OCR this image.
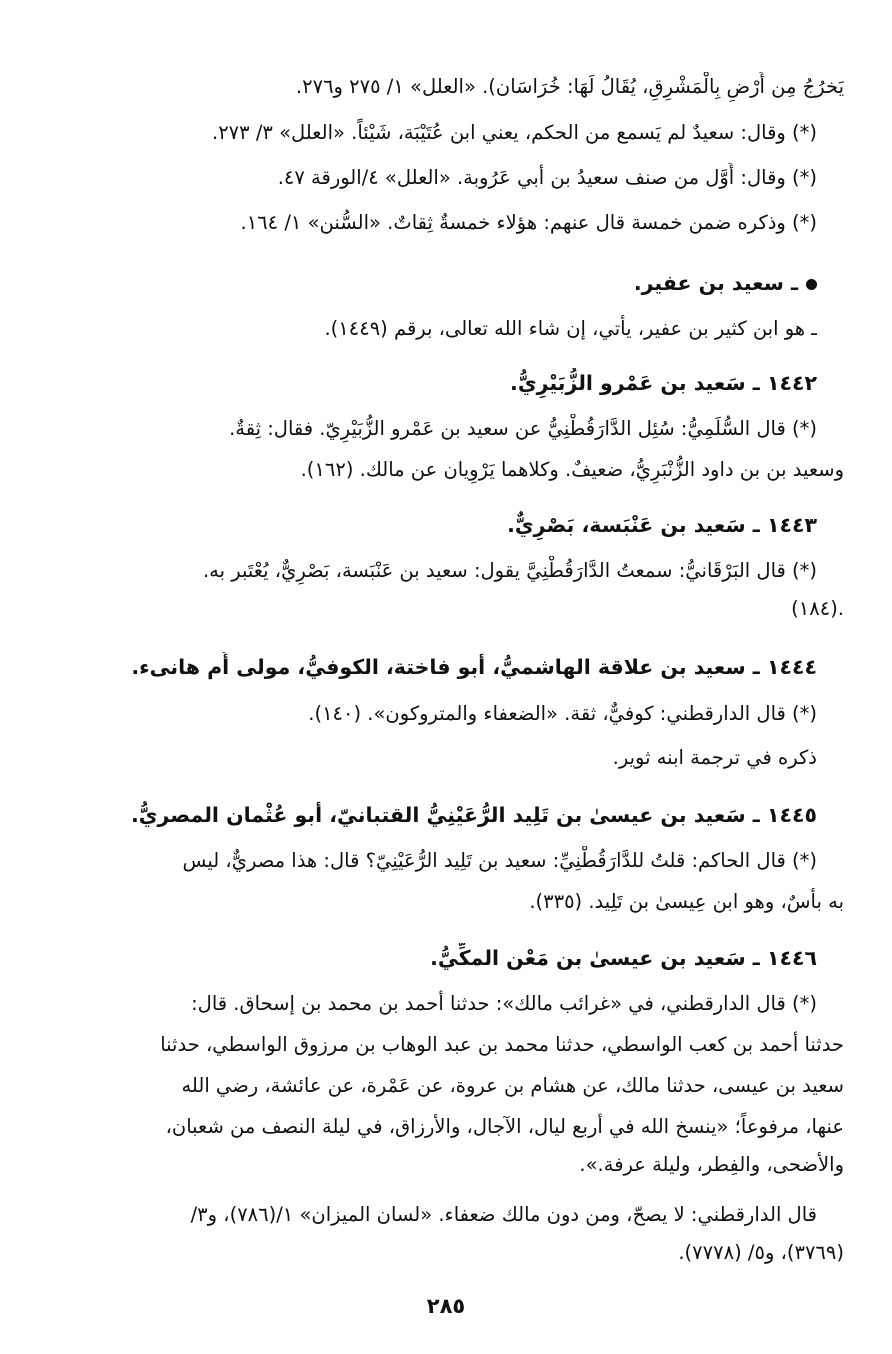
يَخرُجُ مِن أَرْضٍ بِالْمَشْرِقِ، يُقَالُ لَهَا: خُرَاسَان). «العلل» ١/ ٢٧٥ و٢٧٦.
(*) وقال: سعيدٌ لم يَسمع من الحكم، يعني ابن عُتَيْبَة، شَيْئاً. «العلل» ٣/ ٢٧٣.
(*) وقال: أَوَّل من صنف سعيدُ بن أبي عَرُوبة. «العلل» ٤/الورقة ٤٧.
(*) وذكره ضمن خمسة قال عنهم: هؤلاء خمسةٌ ثِقاتٌ. «السُّنن» ١/ ١٦٤.
ـ سعيد بن عفير.
ـ هو ابن كثير بن عفير، يأتي، إن شاء الله تعالى، برقم (١٤٤٩).
١٤٤٢ ـ سَعيد بن عَمْرو الزُّبَيْرِيُّ.
(*) قال السُّلَمِيُّ: سُئِل الدَّارَقُطْنِيُّ عن سعيد بن عَمْرو الزُّبَيْرِيّ. فقال: ثِقةٌ.
وسعيد بن بن داود الزُّنْبَرِيُّ، ضعيفٌ. وكلاهما يَرْوِيان عن مالك. (١٦٢).
١٤٤٣ ـ سَعيد بن عَنْبَسة، بَصْرِيٌّ.
(*) قال البَرْقَانيُّ: سمعتُ الدَّارَقُطْنِيَّ يقول: سعيد بن عَنْبَسة، بَصْرِيٌّ، يُعْتَبر به.
.(١٨٤)
١٤٤٤ ـ سعيد بن علاقة الهاشميُّ، أبو فاختة، الكوفيُّ، مولى أُم هانىء.
(*) قال الدارقطني: كوفيٌّ، ثقة. «الضعفاء والمتروكون». (١٤٠).
ذكره في ترجمة ابنه ثوير.
١٤٤٥ ـ سَعيد بن عيسىٰ بن تَلِيد الرُّعَيْنِيُّ القتبانيّ، أبو عُثْمان المصريُّ.
(*) قال الحاكم: قلتُ للدَّارَقُطْنِيِّ: سعيد بن تَلِيد الرُّعَيْنِيّ؟ قال: هذا مصريٌّ، ليس
به بأسٌ، وهو ابن عِيسىٰ بن تَلِيد. (٣٣٥).
١٤٤٦ ـ سَعيد بن عيسىٰ بن مَعْن المكِّيُّ.
(*) قال الدارقطني، في «غرائب مالك»: حدثنا أحمد بن محمد بن إسحاق. قال:
حدثنا أحمد بن كعب الواسطي، حدثنا محمد بن عبد الوهاب بن مرزوق الواسطي، حدثنا
سعيد بن عيسى، حدثنا مالك، عن هشام بن عروة، عن عَمْرة، عن عائشة، رضي الله
عنها، مرفوعاً؛ «ينسخ الله في أربع ليال، الآجال، والأرزاق، في ليلة النصف من شعبان،
والأضحى، والفِطر، وليلة عرفة.».
قال الدارقطني: لا يصحّ، ومن دون مالك ضعفاء. «لسان الميزان» ١/(٧٨٦)، و٣/
(٣٧٦٩)، و٥/ (٧٧٧٨).
٢٨٥
